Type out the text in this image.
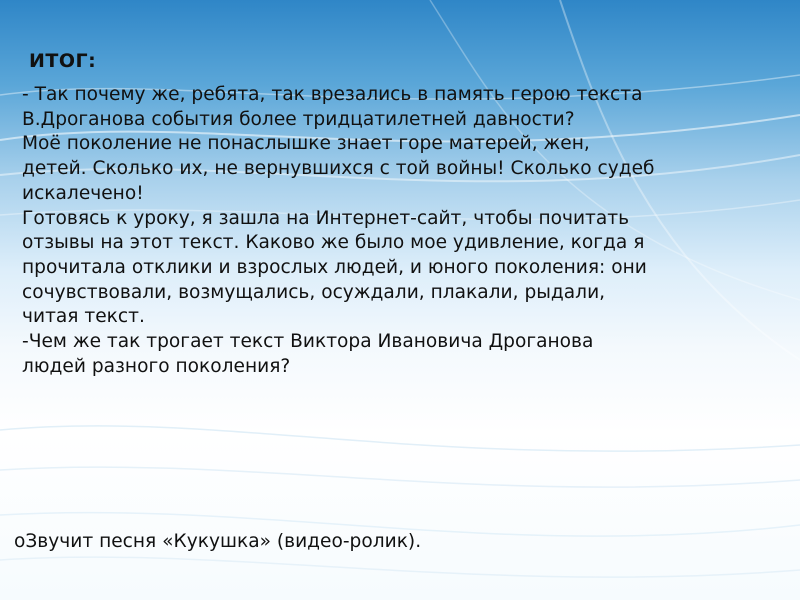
ИТОГ:
- Так почему же, ребята, так врезались в память герою текста
В.Дроганова события более тридцатилетней давности?
Моё поколение не понаслышке знает горе матерей, жен,
детей. Сколько их, не вернувшихся с той войны! Сколько судеб
искалечено!
Готовясь к уроку, я зашла на Интернет-сайт, чтобы почитать
отзывы на этот текст. Каково же было мое удивление, когда я
прочитала отклики и взрослых людей, и юного поколения: они
сочувствовали, возмущались, осуждали, плакали, рыдали,
читая текст.
-Чем же так трогает текст Виктора Ивановича Дроганова
людей разного поколения?
oЗвучит песня «Кукушка» (видео-ролик).
